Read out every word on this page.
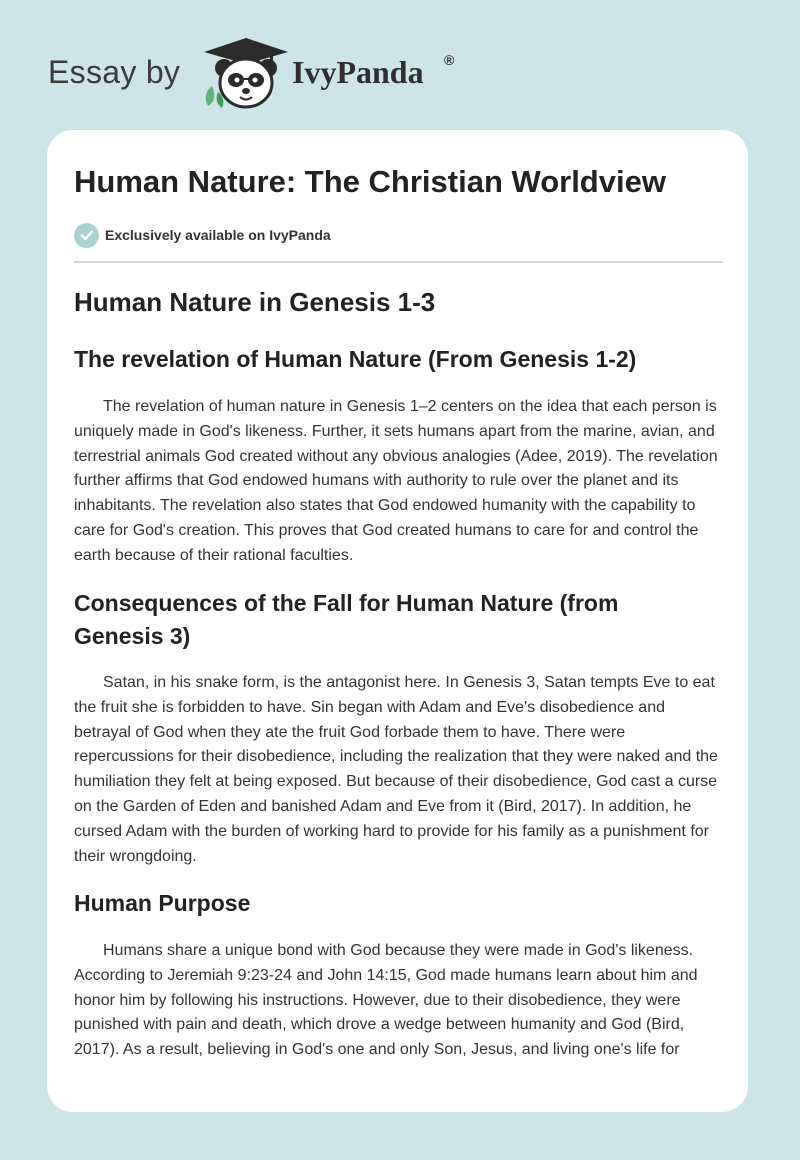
Essay by	IvyPanda ®
Human Nature: The Christian Worldview
Exclusively available on IvyPanda
Human Nature in Genesis 1-3
The revelation of Human Nature (From Genesis 1-2)

The revelation of human nature in Genesis 1–2 centers on the idea that each person is uniquely made in God's likeness. Further, it sets humans apart from the marine, avian, and terrestrial animals God created without any obvious analogies (Adee, 2019). The revelation further affirms that God endowed humans with authority to rule over the planet and its inhabitants. The revelation also states that God endowed humanity with the capability to care for God's creation. This proves that God created humans to care for and control the earth because of their rational faculties.

Consequences of the Fall for Human Nature (from Genesis 3)

Satan, in his snake form, is the antagonist here. In Genesis 3, Satan tempts Eve to eat the fruit she is forbidden to have. Sin began with Adam and Eve's disobedience and betrayal of God when they ate the fruit God forbade them to have. There were repercussions for their disobedience, including the realization that they were naked and the humiliation they felt at being exposed. But because of their disobedience, God cast a curse on the Garden of Eden and banished Adam and Eve from it (Bird, 2017). In addition, he cursed Adam with the burden of working hard to provide for his family as a punishment for their wrongdoing.

Human Purpose

Humans share a unique bond with God because they were made in God's likeness. According to Jeremiah 9:23-24 and John 14:15, God made humans learn about him and honor him by following his instructions. However, due to their disobedience, they were punished with pain and death, which drove a wedge between humanity and God (Bird, 2017). As a result, believing in God's one and only Son, Jesus, and living one's life for
